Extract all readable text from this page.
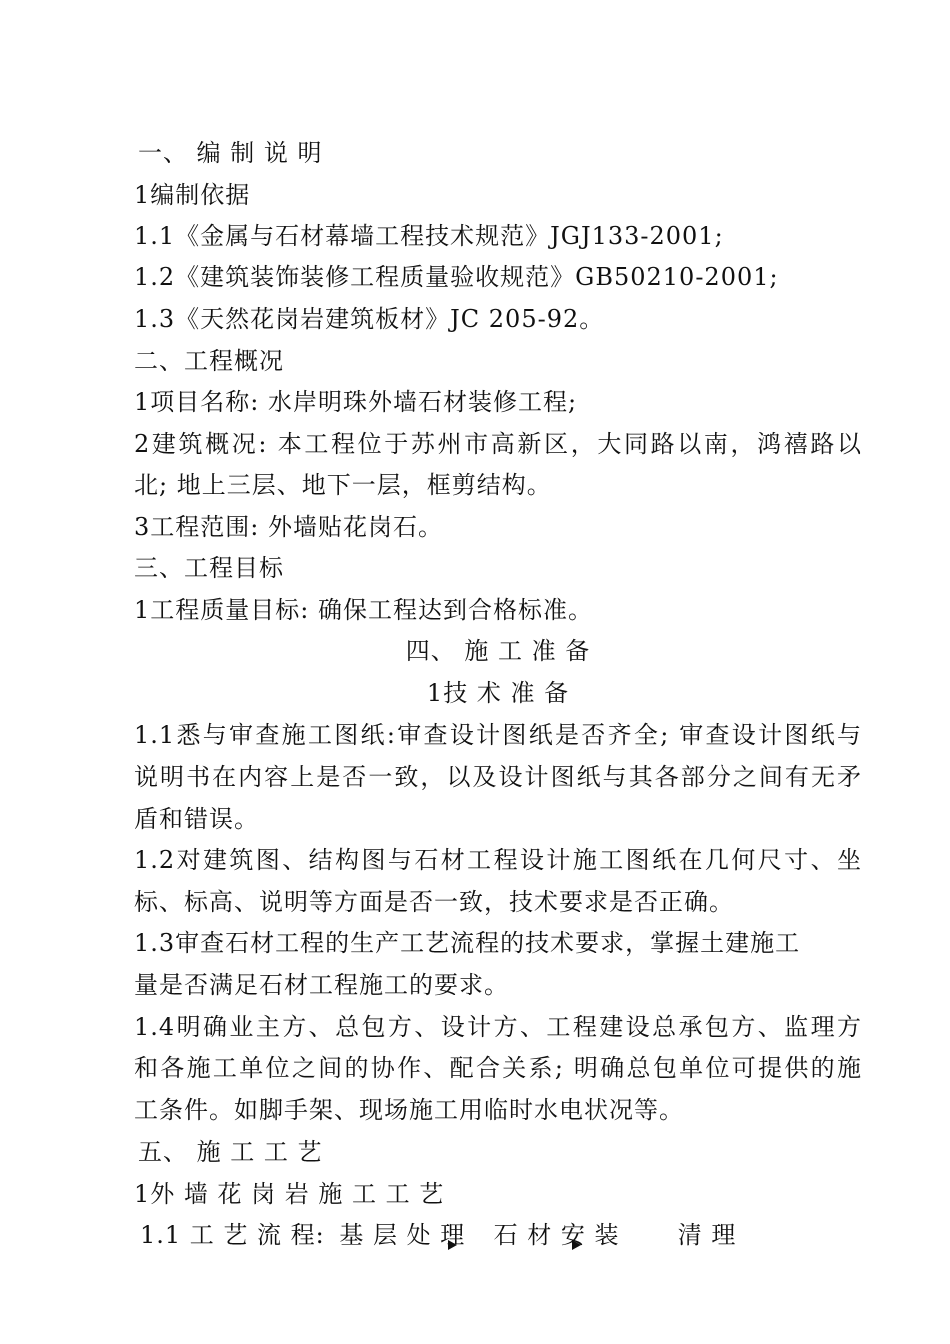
一、 编 制 说 明
1编制依据
1.1《金属与石材幕墙工程技术规范》JGJ133-2001;
1.2《建筑装饰装修工程质量验收规范》GB50210-2001;
1.3《天然花岗岩建筑板材》JC 205-92。
二、工程概况
1项目名称: 水岸明珠外墙石材装修工程;
2建筑概况: 本工程位于苏州市高新区，大同路以南，鸿禧路以
北; 地上三层、地下一层，框剪结构。
3工程范围: 外墙贴花岗石。
三、工程目标
1工程质量目标: 确保工程达到合格标准。
四、 施 工 准 备
1技 术 准 备
1.1悉与审查施工图纸:审查设计图纸是否齐全; 审查设计图纸与
说明书在内容上是否一致，以及设计图纸与其各部分之间有无矛
盾和错误。
1.2对建筑图、结构图与石材工程设计施工图纸在几何尺寸、坐
标、标高、说明等方面是否一致，技术要求是否正确。
1.3审查石材工程的生产工艺流程的技术要求，掌握土建施工
量是否满足石材工程施工的要求。
1.4明确业主方、总包方、设计方、工程建设总承包方、监理方
和各施工单位之间的协作、配合关系; 明确总包单位可提供的施
工条件。如脚手架、现场施工用临时水电状况等。
五、 施 工 工 艺
1外 墙 花 岗 岩 施 工 工 艺
1.1 工 艺 流 程: 基 层 处 理 石 材 安 装 清 理
